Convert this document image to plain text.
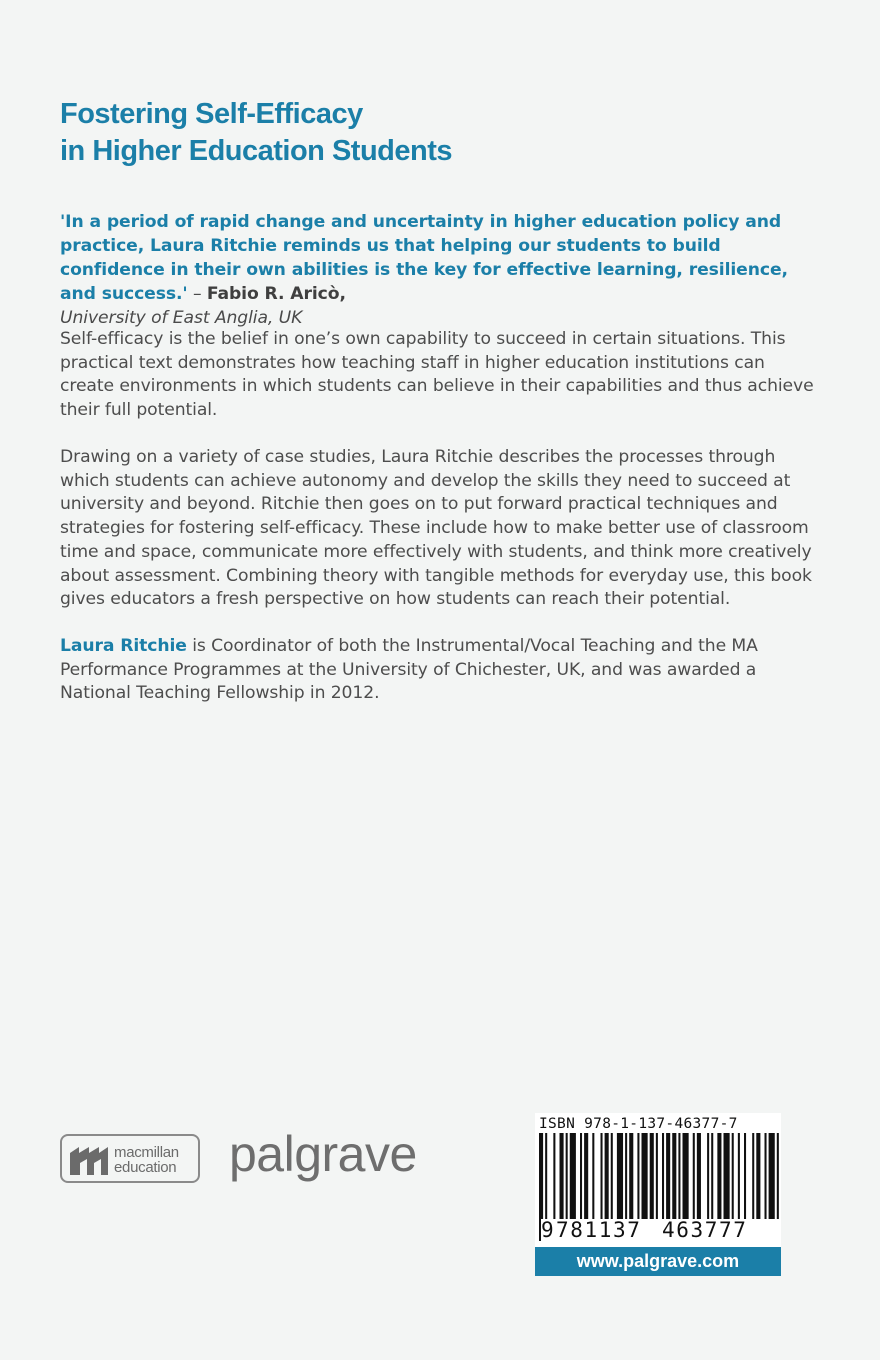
Fostering Self-Efficacy
in Higher Education Students
'In a period of rapid change and uncertainty in higher education policy and practice, Laura Ritchie reminds us that helping our students to build confidence in their own abilities is the key for effective learning, resilience, and success.' – Fabio R. Aricò,
University of East Anglia, UK

Self-efficacy is the belief in one’s own capability to succeed in certain situations. This practical text demonstrates how teaching staff in higher education institutions can create environments in which students can believe in their capabilities and thus achieve their full potential.

Drawing on a variety of case studies, Laura Ritchie describes the processes through which students can achieve autonomy and develop the skills they need to succeed at university and beyond. Ritchie then goes on to put forward practical techniques and strategies for fostering self-efficacy. These include how to make better use of classroom time and space, communicate more effectively with students, and think more creatively about assessment. Combining theory with tangible methods for everyday use, this book gives educators a fresh perspective on how students can reach their potential.

Laura Ritchie is Coordinator of both the Instrumental/Vocal Teaching and the MA Performance Programmes at the University of Chichester, UK, and was awarded a National Teaching Fellowship in 2012.

macmillan
education palgrave
ISBN 978-1-137-46377-7
9 781137 463777
www.palgrave.com
